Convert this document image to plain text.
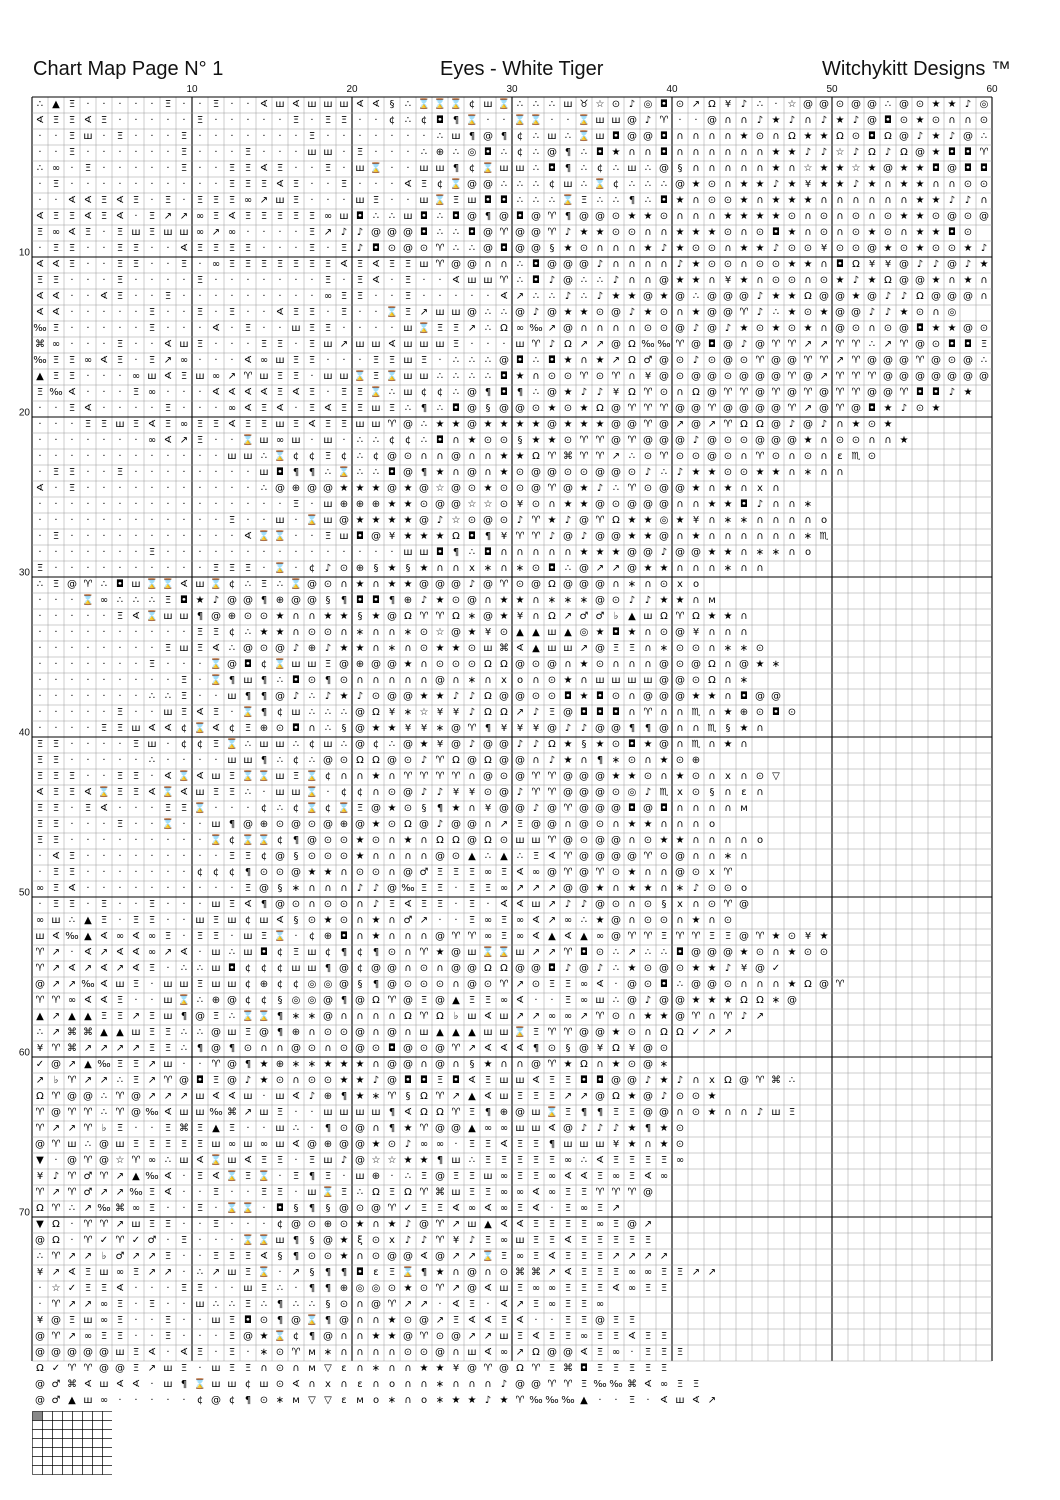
Chart Map Page N° 1	Eyes - White Tiger	Witchykitt Designs ™
10	20	30	40	50	60
10
20
30
40
50
60
70
∴ ▲ Ξ	·	·	·	·	·	Ξ	·	·	Ξ	·	·	∢ ш ∢ ш ш ш ∢ ∢ §	∴ ⌛ ⌛ ⌛ ¢ ш ⌛ ∴ ∴ ∴ ш ♉ ☆ ⊙ ♪ ◎ ◘ ⊙ ↗ Ω ¥ ♪ ∴	· ☆ @ @ ⊙ @ @ ∴ @ ⊙ ★ ★ ♪ ◎
∢ Ξ Ξ ∢ Ξ	·	·	·	·	·	Ξ	·	·	·	·	·	Ξ	·	Ξ Ξ	·	·	¢ ∴ ¢ ◘ ¶ ⌛ ·	· ⌛ ⌛ ·	· ⌛ ш ш @ ♪ ♈ ·	· @ ∩ ∩ ♪ ★ ♪ ∩ ♪ ★ ♪ @ ◘ ⊙ ★ ⊙ ∩ ∩ ⊙
·	·	Ξ ш ·	Ξ	·	·	·	Ξ	·	·	·	·	·	·	·	Ξ	·	·	·	·	·	·	·	∴ ш ¶ @ ¶ ¢ ∴ ш ∴ ⌛ ш ◘ @ @ ◘ ∩ ∩ ∩ ∩ ★ ⊙ ∩ Ω ★ ★ Ω ⊙ ◘ Ω @ ♪ ★ ♪ @ ∴
·	·	Ξ	·	·	·	·	·	·	Ξ	·	·	·	Ξ	·	·	· ш ш ·	Ξ	·	·	·	∴ ⊕ ∴ ◎ ◘ ∴ ¢ ∴ @ ¶ ∴ ◘ ★ ∩ ∩ ◘ ∩ ∩ ∩ ∩ ∩ ∩ ★ ★ ♪ ♪ ☆ ♪ Ω ♪ Ω @ ★ ◘ ◘ ♈
∴ ∞	·	Ξ	·	·	·	·	·	Ξ	·	·	Ξ Ξ ∢ Ξ	·	·	Ξ	· ш ⌛ ·	· ш ш ¶ ¢ ⌛ ш ш ∴ ◘ ¶ ∴ ¢ ∴ ш ∴ @ § ∩ ∩ ∩ ∩ ∩ ★ ∩ ☆ ★ ★ ☆ ★ @ ★ ★ ◘ @ ◘ ◘
·	Ξ	·	·	·	·	·	·	·	·	·	·	Ξ Ξ Ξ ∢ Ξ	·	·	Ξ	·	·	·	∢ Ξ ¢ ⌛ @ @ ∴ ∴ ∴ ¢ ш ∴ ⌛ ¢ ∴ ∴ ∴ @ ★ ⊙ ∩ ★ ★ ♪ ★ ¥ ★ ★ ♪ ★ ∩ ★ ★ ∩ ∩ ⊙ ⊙
·	·	∢ ∢ Ξ ∢ Ξ	·	Ξ	·	Ξ Ξ Ξ ∞ ↗ ш Ξ	·	·	· ш Ξ	·	· ш ⌛ Ξ ш ◘ ◘ ∴ ∴ ∴ ⌛ Ξ ∴ ∴ ¶ ∴ ◘ ★ ∩ ⊙ ⊙ ★ ∩ ★ ★ ★ ∩ ∩ ∩ ∩ ∩ ∩ ★ ★ ♪ ♪ ∩
∢ Ξ Ξ ∢ Ξ ∢	·	Ξ ↗ ↗ ∞ Ξ ∢ Ξ Ξ Ξ Ξ Ξ ∞ ш ◘ ∴ ∴ ш ◘ ∴ ◘ @ ¶ @ ◘ @ ♈ ¶ @ @ ⊙ ★ ★ ⊙ ∩ ∩ ∩ ★ ★ ★ ★ ⊙ ∩ ⊙ ∩ ⊙ ∩ ⊙ ★ ★ ⊙ @ ⊙ @
Ξ ∞ ∢ Ξ	·	Ξ ш Ξ ш ш ∞ ↗ ∞	·	·	·	·	Ξ ↗ ♪ ♪ @ @ @ ◘ ∴ ∴ ◘ @ ♈ @ @ ♈ ♪ ★ ★ ⊙ ⊙ ∩ ∩ ★ ★ ★ ⊙ ∩ ⊙ ◘ ★ ∩ ⊙ ∩ ⊙ ★ ⊙ ∩ ★ ★ ◘ ⊙
·	Ξ Ξ	·	·	Ξ Ξ	·	·	∢ Ξ Ξ Ξ Ξ	·	·	·	Ξ	·	Ξ ♪ ◘ ⊙ @ ⊙ ♈ ∴ ∴ @ ◘ @ @ § ★ ⊙ ∩ ∩ ∩ ★ ♪ ★ ⊙ ⊙ ∩ ★ ★ ♪ ⊙ ⊙ ¥ ⊙ ⊙ @ ★ ⊙ ★ ⊙ ⊙ ★ ♪
∢ ∢ Ξ	·	·	Ξ Ξ	·	·	Ξ	·	∞ Ξ Ξ Ξ Ξ Ξ Ξ Ξ ∢ Ξ ∢ Ξ Ξ ш ♈ @ @ ∩ ∩ ∴ ◘ @ @ @ ♪ ∩ ∩ ∩ ∩ ♪ ★ ⊙ ⊙ ∩ ⊙ ⊙ ★ ★ ∩ ◘ Ω ¥ ¥ @ ♪ ♪ @ ♪ ★
Ξ Ξ	·	·	·	Ξ	·	·	·	·	Ξ	·	·	·	·	·	·	·	Ξ	·	Ξ ∢	·	Ξ	·	·	∢ ш ш ♈ ∴ ◘ ♪ @ ∴ ∴ ♪ ∩ ∩ @ ★ ★ ∩ ¥ ★ ∩ ⊙ ⊙ ∩ ⊙ ★ ♪ ★ Ω @ @ ★ ∩ ★ ∩
∢ ∢	·	·	∢ Ξ	·	·	Ξ	·	·	·	·	·	·	·	·	·	∞ Ξ Ξ	·	·	Ξ	·	·	·	·	·	∢ ↗ ∴ ∴ ♪ ∴ ♪ ★ ★ @ ★ @ ∴ @ @ @ ♪ ★ ★ Ω @ @ ★ @ ♪ ♪ Ω @ @ @ ∩
∢ ∢	·	·	·	·	·	Ξ	·	·	Ξ	·	Ξ	·	·	∢ Ξ Ξ	·	Ξ	·	· ⌛ Ξ ↗ ш ш @ ∴ ∴ @ ♪ @ ★ ★ ⊙ @ ♪ ★ ⊙ ∩ ★ @ @ ♈ ♪ ∴ ★ ⊙ ★ @ @ ♪ ♪ ★ ⊙ ∩ ◎
‰ Ξ	·	·	·	·	·	Ξ	·	·	·	∢	·	Ξ	·	· ш Ξ Ξ	·	·	·	· ш ⌛ Ξ Ξ ↗ ∴ Ω ∞ ‰ ↗ @ ∩ ∩ ∩ ∩ ⊙ ⊙ @ ♪ @ ♪ ★ ⊙ ★ ⊙ ★ ∩ @ ⊙ ∩ ⊙ @ ◘ ★ ★ @ ⊙
⌘ ∞	·	·	·	Ξ	·	·	∢ ш Ξ	·	·	·	Ξ Ξ	·	Ξ ш ↗ ш ш ∢ ш ш ш Ξ	·	·	· ш ♈ ♪ Ω ↗ ↗ @ Ω ‰ ‰ ♈ @ ◘ @ ♪ @ ♈ ♈ ↗ ↗ ♈ ♈ ∴ ↗ ♈ @ ⊙ ◘ ◘ Ξ
‰ Ξ Ξ ∞ ∢ Ξ	·	Ξ ↗ ∞	·	·	·	∢ ∞ ш Ξ Ξ	·	·	·	Ξ Ξ ш Ξ	·	∴ ∴ ∴ @ ◘ ∴ ◘ ★ ∩ ★ ↗ Ω ♂ @ ⊙ ♪ ⊙ @ ⊙ ♈ @ @ ♈ ♈ ↗ ♈ @ @ @ ♈ @ ⊙ @ ∴
▲ Ξ Ξ	·	·	·	∞ ш ∢ Ξ ш ∞ ↗ ♈ ш Ξ Ξ	· ш ш ⌛ Ξ ⌛ ш ш ∴ ∴ ∴ ∴ ◘ ★ ∩ ⊙ ⊙ ♈ ⊙ ♈ ∩ ¥ @ ⊙ @ @ ⊙ @ @ @ ♈ @ ↗ ♈ ♈ ♈ @ @ @ @ @ @ @
Ξ ‰ ∢	·	·	·	Ξ ∞	·	·	·	∢ ∢ ∢ ∢ Ξ ∢ Ξ	·	Ξ Ξ ⌛ ∴ ш ¢ ¢ ∴ @ ¶ ◘ ¶ ∴ @ ★ ♪ ♪ ¥ Ω ♈ ⊙ ∩ Ω @ ♈ ♈ @ ♈ @ ♈ @ ♈ ♈ @ @ ♈ ◘ ◘ ♪ ★
·	·	Ξ ∢	·	·	·	·	Ξ	·	·	·	∞ ∢ Ξ ∢	·	Ξ ∢ Ξ Ξ ш Ξ ∴ ¶ ∴ ◘ @ § @ @ ⊙ ★ ⊙ ★ Ω @ ♈ ♈ ♈ @ @ ♈ @ @ @ @ ♈ ↗ @ ♈ @ ◘ ★ ♪ ⊙ ★
·	·	·	Ξ Ξ ш Ξ ∢ Ξ ∞ Ξ Ξ ∢ Ξ Ξ ш Ξ ∢ Ξ Ξ ш ш ♈ @ ∴ ★ ★ @ ★ ★ ★ ★ @ ★ ★ ★ @ @ ♈ @ ↗ @ ↗ ♈ Ω Ω @ ♪ @ ♪ ∩ ★ ⊙ ★
·	·	·	·	·	·	·	∞ ∢ ↗ Ξ	·	· ⌛ ш ∞ ш · ш ·	∴ ∴ ¢ ¢ ∴ ◘ ∩ ★ ⊙ ⊙ § ★ ★ ⊙ ♈ ♈ @ ♈ @ @ @ ♪ @ ⊙ ⊙ @ @ @ ★ ∩ ⊙ ⊙ ∩ ∩ ★
·	·	·	·	·	·	·	·	·	·	·	· ш ш ∴ ⌛ ¢ ¢ Ξ ¢ ∴ ¢ @ ⊙ ∩ ∩ @ ∩ ∩ ★ ★ Ω ♈ ⌘ ♈ ♈ ↗ ∴ ⊙ ♈ ⊙ ⊙ @ ⊙ ∩ ♈ ⊙ ∩ ⊙ ∩ ε ♏ ⊙
·	Ξ Ξ	·	·	Ξ	·	·	·	·	·	·	·	· ш ◘ ¶ ¶ ∴ ⌛ ∴ ∴ ◘ @ ¶ ★ ∩ @ ∩ ★ ⊙ @ @ ⊙ ⊙ @ @ ⊙ ♪ ∴ ♪ ★ ★ ⊙ ⊙ ★ ★ ∩ ∗ ∩ ∩
∢	·	Ξ	·	·	·	·	·	·	·	·	·	·	·	∴ @ ⊕ @ @ ★ ★ ★ @ ★ @ ☆ @ ⊙ ★ ⊙ ⊙ @ ♈ @ ★ ♪ ∴ ♈ ⊙ @ @ ★ ∩ ★ ∩ x ∩
·	·	·	·	·	·	·	·	·	·	·	·	·	·	·	·	Ξ	· ш ⊕ ⊕ ⊕ ★ ★ ⊙ @ @ ☆ ☆ ⊙ ¥ ⊙ ∩ ★ ★ @ ⊙ @ @ @ ∩ ∩ ★ ★ ◘ ♪ ∩ ∩ ∗
·	·	·	·	·	·	·	·	·	·	·	·	Ξ	·	· ш · ⌛ ш @ ★ ★ ★ ★ @ ♪ ☆ ⊙ @ ⊙ ♪ ♈ ★ ♪ @ ♈ Ω ★ ★ ◎ ★ ¥ ∩ ∗ ∗ ∩ ∩ ∩ ∩ ο
·	Ξ	·	·	·	·	·	·	·	·	·	·	·	∢ ⌛ ⌛ ·	·	Ξ ш ◘ @ ¥ ★ ★ ★ Ω ◘ ¶ ¥ ♈ ♈ ♪ @ ♪ @ @ ★ ★ @ ∩ ★ ∩ ∩ ∩ ∩ ∩ ∩ ∗ ♏
·	·	·	·	·	·	·	Ξ	·	·	·	·	·	·	·	·	·	·	·	·	·	·	· ш ш ◘ ¶ ∴ ◘ ∩ ∩ ∩ ∩ ∩ ★ ★ ★ @ @ ♪ @ @ ★ ★ ∩ ∗ ∗ ∩ ο
Ξ	·	·	·	·	·	·	·	·	·	·	Ξ Ξ Ξ	· ⌛ ·	¢ ♪ ⊙ ⊕ § ★ § ★ ∩ ∩ x ∗ ∩ ∗ ⊙ ◘ ∴ @ ↗ ↗ @ ★ ★ ∩ ∩ ∩ ∗ ∩ ∩
∴ Ξ @ ♈ ∴ ◘ ш ⌛ ⌛ ∢ ш ⌛ ¢ ∴ Ξ ∴ ⌛ @ ⊙ ∩ ★ ∩ ★ ★ @ @ @ ♪ @ ♈ ⊙ @ Ω @ @ @ ∩ ∗ ∩ ⊙ x ο
·	·	· ⌛ ∞ ∴ ∴ ∴ Ξ ◘ ★ ♪ @ @ ¶ ⊕ @ @ §	¶ ◘ ◘ ¶ ⊕ ♪ ★ ⊙ @ ∩ ★ ★ ∩ ∗ ∗ ∗ @ ⊙ ♪ ♪ ★ ★ ∩ ᴍ
·	·	·	·	·	Ξ ∢ ⌛ ш ш ¶ @ ⊕ ⊙ ⊙ ★ ∩ ∩ ★ ★ § ★ @ Ω ♈ ♈ Ω ∗ @ ★ ¥ ∩ Ω ↗ ♂ ♂ ♭ ▲ ш Ω ♈ Ω ★ ★ ∩
·	·	·	·	·	·	·	·	·	·	Ξ Ξ ¢ ∴ ★ ★ ∩ ⊙ ⊙ ∩ ∗ ∩ ∩ ∗ ⊙ ☆ @ ★ ¥ ⊙ ▲ ▲ ш ▲ ◎ ★ ◘ ★ ∩ ⊙ @ ¥ ∩ ∩ ∩
·	·	·	·	·	·	·	·	Ξ ш Ξ ∢ ∴ @ ⊙ @ ♪ ⊕ ♪ ★ ★ ∩ ∗ ∩ ⊙ ★ ★ ⊙ ш ⌘ ∢ ▲ ш ш ↗ @ Ξ Ξ ∩ ∗ ⊙ ⊙ ∩ ∗ ∗ ⊙
·	·	·	·	·	·	·	Ξ	·	·	· ⌛ @ ◘ ¢ ⌛ ш ш Ξ @ ⊕ @ @ ★ ∩ ⊙ ⊙ ⊙ Ω Ω @ ⊙ @ ∩ ★ ⊙ ∩ ∩ ∩ @ ⊙ @ Ω ∩ @ ★ ∗
·	·	·	·	·	·	·	·	·	Ξ	· ⌛ ¶ ш ¶ ∴ ◘ ⊙ ¶ ⊙ ∩ ∩ ∩ ∩ ∩ @ ∩ ∗ ∩ x о ∩ ⊙ ★ ∩ ш ш ш ш @ @ ⊙ Ω ∩ ∗
·	·	·	·	·	·	·	∴ ∴ Ξ	·	· ш ¶ ¶ @ ♪ ∴ ♪ ★ ♪ ⊙ @ @ ★ ★ ♪ ♪ Ω @ @ ⊙ ⊙ ◘ ★ ◘ ⊙ ∩ @ @ @ ★ ★ ∩ ◘ @ @
·	·	·	·	·	Ξ	·	· ш Ξ ∢ Ξ	· ⌛ ¶ ¢ ш ∴ ∴ ∴ @ Ω ¥ ∗ ☆ ¥ ¥ ♪ Ω Ω ↗ ♪ Ξ @ ◘ ◘ ◘ ∩ ♈ ∩ ∩ ♏ ∩ ★ ⊕ ⊙ ◘ ⊙
·	·	·	·	Ξ Ξ ш ∢ ∢ ¢ ⌛ ∢ ¢ Ξ ⊕ ⊙ ◘ ∩ ∴	§ @ ★ ★ ¥ ¥ ∗ @ ♈ ¶ ¥ ¥ ¥ @ ♪ ♪ @ @ ¶ ¶ @ ∩ ∩ ♏ § ★ ∩
Ξ Ξ	·	·	·	·	Ξ ш ·	¢ ¢ Ξ ⌛ ∴ ш ш ∴ ¢ ш ∴ @ ¢ ∴ @ ★ ¥ @ ♪ @ @ ♪ ♪ Ω ★ § ★ ⊙ ◘ ★ @ ∩ ♏ ∩ ★ ∩
Ξ Ξ	·	·	·	·	·	∴	·	·	·	· ш ш ¶ ∴ ¢ ∴ @ ⊙ Ω Ω @ ⊙ ♪ ♈ Ω @ Ω @ @ ∩ ♪ ★ ∩ ¶ ∗ ⊙ ∩ ★ ⊙ ⊕
Ξ Ξ Ξ	·	·	Ξ Ξ	·	∢ ⌛ ∢ ш Ξ ⌛ ⌛ ш Ξ ⌛ ¢ ∩ ∩ ★ ∩ ♈ ♈ ♈ ♈ ∩ @ ⊙ @ ♈ ♈ @ @ @ ★ ★ ⊙ ∩ ★ ⊙ ∩ x ∩ ⊙ ▽
∢ Ξ Ξ ∢ ⌛ Ξ Ξ ∢ ⌛ ∢ ш Ξ Ξ ∴	· ш ш ⌛ ·	¢ ¢ ∩ ⊙ @ ♪ ♪ ¥ ¥ ⊙ @ ♪ ♈ ♈ @ @ @ ⊙ ◎ ♪ ♏ x ⊙ § ∩ ε ∩
Ξ Ξ	·	Ξ ∢	·	·	·	Ξ Ξ ⌛ ·	·	·	¢ ∴ ¢ ⌛ ¢ ⌛ Ξ @ ★ ⊙ §	¶ ★ ∩ ¥ @ @ ♪ @ ♈ @ @ @ ◘ @ ◘ ∩ ∩ ∩ ∩ ᴍ
Ξ Ξ	·	·	·	Ξ	·	· ⌛ ·	· ш ¶ @ ⊕ ⊙ @ ⊙ @ ⊕ @ ★ ⊙ Ω @ ♪ @ @ ∩ ↗ Ξ @ @ ∩ @ ⊙ ∩ ★ ★ ∩ ∩ ∩ о
Ξ Ξ	·	·	·	·	·	·	·	·	· ⌛ ¢ ⌛ ⌛ ¢ ¶ @ ⊙ ⊙ ★ ⊙ ∩ ★ ∩ Ω Ω @ Ω ⊙ ш ш ♈ @ ⊙ @ @ ∩ ⊙ ★ ★ ∩ ∩ ∩ ∩ о
·	∢ Ξ	·	·	·	·	·	·	·	·	·	Ξ Ξ ¢ @ § ⊙ ⊙ ⊙ ★ ∩ ∩ ∩ ∩ @ ⊙ ▲ ∴ ▲ ∴ Ξ ∢ ♈ @ @ @ @ ♈ ⊙ @ ∩ ∩ ∗ ∩
·	Ξ Ξ	·	·	·	·	·	·	·	¢ ¢ ¢ ¶ ⊙ ⊙ @ ★ ★ ∩ ⊙ ⊙ ∩ @ ♂ Ξ Ξ Ξ ∞ Ξ ∢ ∞ @ ♈ @ ♈ ⊙ ★ ∩ ∩ @ ⊙ x ♈
∞ Ξ ∢	·	·	·	·	·	·	·	·	·	·	Ξ @ § ∗ ∩ ∩ ∩ ♪ ♪ @ ‰ Ξ Ξ	·	Ξ Ξ ∞ ↗ ↗ ↗ @ @ ★ ∩ ★ ★ ∩ ∗ ♪ ⊙ ⊙ ο
·	Ξ Ξ	·	Ξ	·	·	Ξ	·	·	· ш Ξ ∢ ¶ @ ⊙ ∩ ⊙ ⊙ ∩ ♪ Ξ ∢ Ξ Ξ	·	Ξ	·	∢ ∢ ш ↗ ♪ ♪ @ ⊙ ∩ ⊙ §	x ∩ ⊙ ♈ @
∞ ш ∴ ▲ Ξ	·	Ξ Ξ	·	· ш Ξ ш ¢ ш ∢ § ⊙ ★ ⊙ ∩ ★ ∩ ♂ ↗	·	·	Ξ ∞ Ξ ∞ ∢ ↗ ∞ ∴ ★ @ ∩ ⊙ ⊙ ∩ ★ ∩ ⊙
ш ∢ ‰ ▲ ∢ ∞ ∢ ∞ Ξ	·	Ξ Ξ	· ш Ξ ⌛ ·	¢ ⊕ ◘ ∩ ★ ∩ ∩ ∩ @ ♈ ♈ ∞ Ξ ∞ ∢ ▲ ∢ ▲ ∞ @ ♈ ♈ Ξ ♈ ♈ Ξ Ξ @ ♈ ★ ⊙ ¥ ★
♈ ↗	·	∢ ↗ ∢ ∢ ∞ ↗ ∢	· ш ∴ ш ◘ ¢ Ξ ш ¢ ¶ ¢ ¶ ⊙ ∩ ♈ ★ @ ш ⌛ ⌛ ш ↗ ↗ ♈ ◘ ⊙ ∴ ↗ ∴ ∴ ◘ @ @ @ ★ ⊙ ∩ ★ ⊙ ⊙
♈ ↗ ∢ ↗ ∢ ↗ ∢ Ξ	·	∴ ∴ ш ◘ ¢ ¢ ¢ ш ш ¶ @ ¢ @ @ ∩ ⊙ ∩ @ @ Ω Ω @ @ ◘ ♪ @ ♪ ∴ ★ ⊙ @ ⊙ ★ ★ ♪ ¥ @ ✓
@ ↗ ↗ ‰ ∢ ш Ξ	· ш ш Ξ ш ш ¢ ⊕ ¢ ¢ ◎ ◎ @ §	¶ @ ⊙ ⊙ ⊙ ∩ @ ⊙ ♈ ↗ ⊙ Ξ Ξ ∞ ∢	· @ ⊙ ◘ ∴ @ @ ⊙ ∩ ∩ ∩ ★ Ω @ ♈
♈ ♈ ∞ ∢ ∢ Ξ	·	· ш ⌛ ∴ ⊕ @ ¢ ¢	§ ◎ ◎ @ ¶ @ Ω ♈ @ Ξ @ ▲ Ξ Ξ ∞ ∢	·	·	Ξ ∞ ш ∴ @ ♪ @ @ ★ ★ ★ Ω Ω ∗ @
▲ ↗ ▲ ▲ Ξ Ξ ↗ Ξ ш ¶ @ Ξ ∴ ⌛ ⌛ ¶ ∗ ∗ @ ∩ ∩ ∩ ∩ Ω ♈ Ω ♭ ш ∢ ш ↗ ↗ ∞ ∞ ↗ ♈ ⊙ ∩ ★ ★ @ ♈ ∩ ♈ ♪ ↗
∴ ↗ ⌘ ⌘ ▲ ▲ ш Ξ Ξ ∴ ∴ @ ш Ξ @ ¶ ⊕ ∩ ⊙ ⊙ @ ∩ @ ∩ ш ▲ ▲ ▲ ш ш ⌛ Ξ ♈ ♈ @ @ ★ ⊙ ∩ Ω Ω ✓ ↗ ↗
¥ ♈ ⌘ ↗ ↗ ↗ ↗ Ξ Ξ ∴ ¶ @ ¶ ⊙ ∩ ∩ @ ⊙ ∩ ⊙ @ ⊙ ◘ @ ⊙ @ ♈ ↗ ∢ ∢ ∢ ¶ ⊙ § @ ¥ Ω ¥ @ ⊙
✓ @ ↗ ▲ ‰ Ξ Ξ ↗ ш ·	· ♈ @ ¶ ★ ⊕ ∗ ∗ ★ ★ ★ ∩ @ @ ∩ @ ∩ § ★ ∩ ∩ @ ♈ ★ Ω ∩ ★ ⊙ @ ∗
↗ ♭ ♈ ↗ ↗ ∴ Ξ ↗ ♈ @ ◘ Ξ @ ♪ ★ ⊙ ∩ ⊙ ⊙ ★ ★ ♪ @ ◘ ◘ Ξ ◘ ∢ Ξ ш ш ∢ Ξ Ξ ◘ ◘ @ @ ♪ ★ ♪ ∩ x Ω @ ♈ ⌘ ∴
Ω ♈ @ @ ∴ ♈ @ ↗ ↗ ↗ ш ∢ ∢ ш · ш ∢ ♪ ⊕ ¶ ★ ∗ ♈ § Ω ♈ ↗ ▲ ∢ ш Ξ Ξ Ξ ↗ ↗ @ Ω ★ @ ♪ ⊙ ⊙ ★
♈ @ ♈ ♈ ∴ ♈ @ ‰ ∢ ш ш ‰ ⌘ ↗ ш Ξ	·	· ш ш ш ш ¶ ∢ Ω Ω ♈ Ξ ¶ ⊕ @ ш ⌛ Ξ ¶ ¶ Ξ Ξ @ @ ∩ ⊙ ★ ∩ ∩ ♪ ш Ξ
♈ ↗ ↗ ♈ ♭	Ξ	·	·	Ξ ⌘ Ξ ▲ Ξ	·	· ш ∴	·	¶ ⊙ @ ∩ ¶ ★ ♈ @ @ ▲ ∞ ∞ ш ш ∢ @ ♪ ♪ ♪ ★ ¶ ★ ⊙
@ ♈ ш ∴ @ ш Ξ Ξ Ξ Ξ Ξ ш ∞ ш ∞ ш ∢ @ ⊕ @ @ ★ ⊙ ♪ ∞ ∞	·	Ξ Ξ ∢ Ξ Ξ ¶ ш ш ш ¥ ★ ∩ ★ ⊙
▼	· @ ♈ @ ☆ ♈ ∞ ∴ ш ∢ ⌛ ш ∢ Ξ Ξ	·	Ξ ш ♪ @ ☆ ☆ ★ ★ ¶ ш ∴ Ξ Ξ Ξ Ξ Ξ ∞ ∴ ∢ Ξ Ξ Ξ Ξ ∞
¥ ♪ ♈ ♂ ♈ ↗ ▲ ‰ ∢	·	Ξ ∢ ⌛ Ξ ⌛ ·	Ξ ¶ Ξ	· ш ⊕	·	∴ Ξ @ Ξ Ξ ш ∞ Ξ Ξ ∞ ∢ ∢ Ξ ∞ Ξ ∢ ∞
♈ ↗ ♈ ♂ ↗ ↗ ‰ Ξ ∢	·	·	Ξ	·	·	Ξ Ξ	· ш ⌛ Ξ ∴ Ω Ξ Ω ♈ ⌘ ш Ξ Ξ ∞ ∞ ∢ ∞ Ξ Ξ ♈ ♈ ♈ @
Ω ♈ ∴ ↗ ‰ ⌘ ∞ Ξ	·	·	Ξ	· ⌛ ⌛ ·	◘ §	¶	§ @ ⊙ @ ♈ ✓ Ξ Ξ ∢ ∞ ∢ ∞ Ξ ∢	·	Ξ ∞ Ξ ↗
▼ Ω	· ♈ ♈ ↗ ш Ξ Ξ	·	·	Ξ	·	·	·	¢ @ ⊙ ⊕ ⊙ ★ ∩ ★ ♪ @ ♈ ↗ ш ▲ ∢ ∢ Ξ Ξ Ξ Ξ ∞ Ξ @ ↗
@ Ω	· ♈ ✓ ♈ ✓ ♂ ·	Ξ	·	·	· ⌛ ⌛ ш ¶	§ @ ★ ξ ⊙ x ♪ ♪ ♈ ¥ ♪ Ξ ∞ ш Ξ Ξ ∢ Ξ Ξ Ξ Ξ Ξ
∴ ♈ ↗ ↗ ♭ ♂ ↗ ↗ Ξ	·	·	Ξ Ξ Ξ ∢ §	¶ ⊙ ⊙ ★ ∩ ⊙ @ @ ∢ @ ↗ ↗ ⌛ Ξ ∞ Ξ ∢ Ξ Ξ Ξ ↗ ↗ ↗ ↗
¥ ↗ ∢ Ξ ш ∞ Ξ ↗ ↗	·	∴ ↗ ш Ξ ⌛ ·	↗ §	¶ ¶ ◘ ε	Ξ ⌛ ¶ ★ ∩ @ ∩ ⊙ ⌘ ⌘ ↗ ∢ Ξ Ξ Ξ ∞ ∞ Ξ Ξ ↗ ↗
· ☆ ✓ Ξ Ξ ∢	·	·	·	Ξ Ξ	·	· ш Ξ ∴	·	¶ ¶ ⊕ ◎ ◎ ⊙ ★ ⊙ ♈ ↗ @ ∢ ш Ξ ∞ ∞ Ξ Ξ Ξ ∢ ∞ Ξ Ξ
· ♈ ↗ ↗ ∞ Ξ	·	Ξ	·	· ш ∴ ∴ Ξ ∴ ¶ ∴ ∴	§ ⊙ ∩ @ ♈ ↗ ↗	·	∢ Ξ	·	∢ ↗ Ξ ∞ Ξ Ξ ∞
¥ @ Ξ ш ∞ Ξ	·	·	Ξ	·	· ш Ξ ◘ ⊙ ¶ @ ⌛ ¶ @ ∩ ∩ ★ ⊙ @ ↗ Ξ ∢ ∢ Ξ ∢	·	·	Ξ Ξ @ Ξ Ξ
@ ♈ ↗ ∞ Ξ Ξ	·	·	Ξ	·	·	·	Ξ @ ★ ⌛ ¢ ¶ @ ∩ ∩ ★ ★ @ ♈ ⊙ @ ↗ ↗ ш Ξ ∢ Ξ Ξ ∞ Ξ Ξ ∢ Ξ Ξ
@ @ @ @ @ ш Ξ ∢	·	∢ Ξ	·	Ξ	·	∗ ⊙ ♈ ᴍ ∗ ∩ ∩ ∩ ∩ ⊙ ⊙ @ ∩ ш ∢ ∞ ↗ Ω @ @ ∢ Ξ ∞	·	Ξ Ξ Ξ
Ω ✓ ♈ ♈ @ @ Ξ ↗ ш Ξ	· ш Ξ Ξ ∩ ⊙ ∩ ᴍ ▽ ε ∩ ∗ ∩ ∩ ★ ★ ¥ @ ♈ @ Ω ♈ Ξ ⌘ ◘ Ξ Ξ Ξ Ξ Ξ
@ ♂ ⌘ ∢ ш ∢ ∢	· ш ¶ ⌛ ш ш ¢ ш ⊙ ∢ ∩ x ∩ ε ∩ ο ∩ ∩ ∗ ∩ ∩ ∩ ♪ @ @ ♈ ♈ Ξ ‰ ‰ ⌘ ∢ ∞ Ξ Ξ
@ ♂ ▲ ш ∞	·	·	·	·	·	¢ @ ¢ ¶ ⊙ ∗ ᴍ ▽ ▽ ε ᴍ ο ∗ ∩ ο ∗ ★ ★ ♪ ★ ♈ ‰ ‰ ‰ ▲	·	·	Ξ	·	∢ ш ∢ ↗
